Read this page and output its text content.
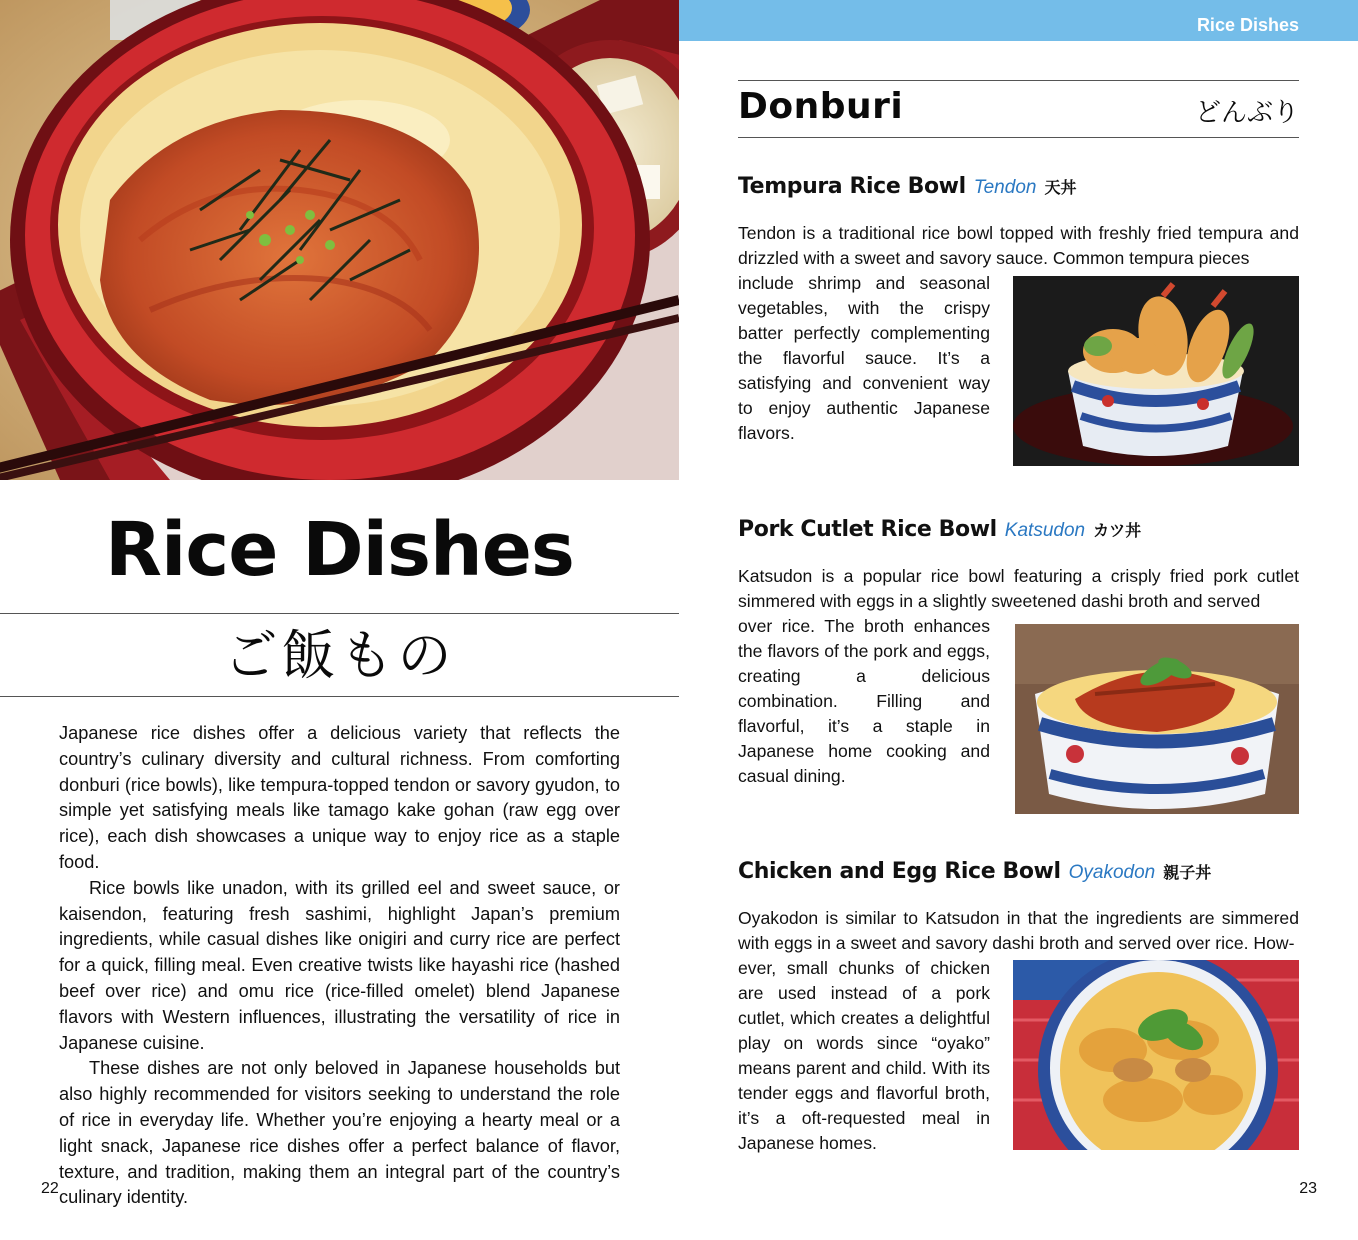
Rice Dishes
ご飯もの

Japanese rice dishes offer a delicious variety that reflects the country’s culinary diversity and cultural richness. From comforting donburi (rice bowls), like tempura-topped tendon or savory gyudon, to simple yet satisfying meals like tamago kake gohan (raw egg over rice), each dish showcases a unique way to enjoy rice as a staple food.

Rice bowls like unadon, with its grilled eel and sweet sauce, or kaisendon, featuring fresh sashimi, highlight Japan’s premium ingredients, while casual dishes like onigiri and curry rice are perfect for a quick, filling meal. Even creative twists like hayashi rice (hashed beef over rice) and omu rice (rice-filled omelet) blend Japanese flavors with Western influences, illustrating the versatility of rice in Japanese cuisine.

These dishes are not only beloved in Japanese households but also highly recommended for visitors seeking to understand the role of rice in everyday life. Whether you’re enjoying a hearty meal or a light snack, Japanese rice dishes offer a perfect balance of flavor, texture, and tradition, making them an integral part of the country’s culinary identity.

22
Rice Dishes
Donburi	どんぶり
Tempura Rice Bowl Tendon 天丼
Tendon is a traditional rice bowl topped with freshly fried tempura and drizzled with a sweet and savory sauce. Common tempura pieces
include shrimp and seasonal vegetables, with the crispy batter perfectly complementing the flavorful sauce. It’s a satisfying and convenient way to enjoy authentic Japanese flavors.
Pork Cutlet Rice Bowl Katsudon カツ丼
Katsudon is a popular rice bowl featuring a crisply fried pork cutlet simmered with eggs in a slightly sweetened dashi broth and served
over rice. The broth enhances the flavors of the pork and eggs, creating a delicious combination. Filling and flavorful, it’s a staple in Japanese home cooking and casual dining.
Chicken and Egg Rice Bowl Oyakodon 親子丼
Oyakodon is similar to Katsudon in that the ingredients are simmered with eggs in a sweet and savory dashi broth and served over rice. How-
ever, small chunks of chicken are used instead of a pork cutlet, which creates a delightful play on words since “oyako” means parent and child. With its tender eggs and flavorful broth, it’s a oft-requested meal in Japanese homes.
23
